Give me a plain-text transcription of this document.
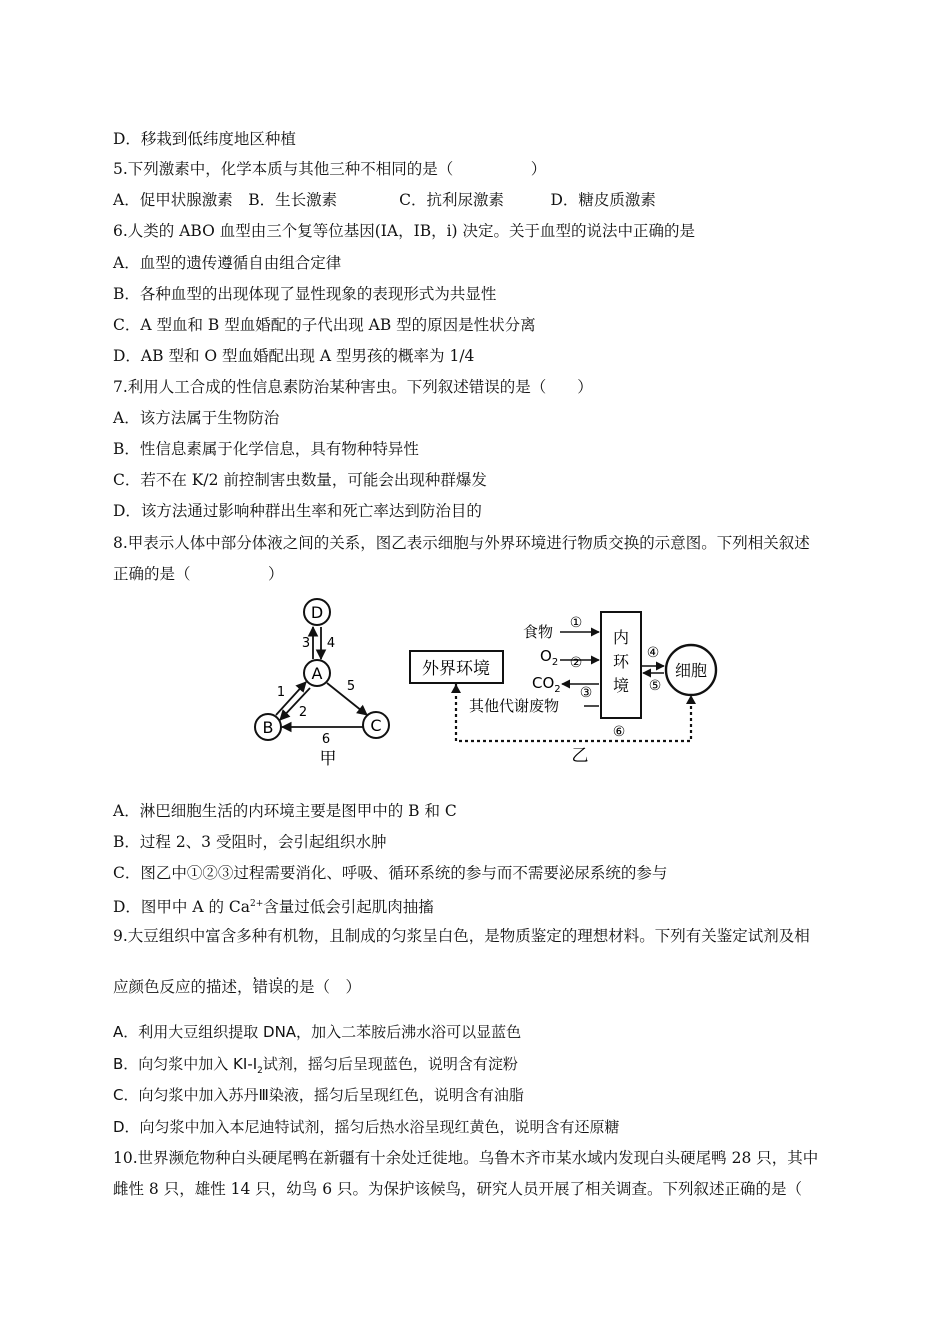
D．移栽到低纬度地区种植
5.下列激素中，化学本质与其他三种不相同的是（　　　　　）
A．促甲状腺激素　B．生长激素　　　　C．抗利尿激素　　　D．糖皮质激素
6.人类的 ABO 血型由三个复等位基因(IA，IB，i) 决定。关于血型的说法中正确的是
A．血型的遗传遵循自由组合定律
B．各种血型的出现体现了显性现象的表现形式为共显性
C．A 型血和 B 型血婚配的子代出现 AB 型的原因是性状分离
D．AB 型和 O 型血婚配出现 A 型男孩的概率为 1/4
7.利用人工合成的性信息素防治某种害虫。下列叙述错误的是（　　）
A．该方法属于生物防治
B．性信息素属于化学信息，具有物种特异性
C．若不在 K/2 前控制害虫数量，可能会出现种群爆发
D．该方法通过影响种群出生率和死亡率达到防治目的
8.甲表示人体中部分体液之间的关系，图乙表示细胞与外界环境进行物质交换的示意图。下列相关叙述
正确的是（　　　　　）
D
A
B	C
3 4
1
2
5
6
甲
外界环境
内
环
境
细胞
食物 ①
$O_2$ ②
$CO_2$ ③
其他代谢废物
④
⑤
⑥
乙
A．淋巴细胞生活的内环境主要是图甲中的 B 和 C
B．过程 2、3 受阻时，会引起组织水肿
C．图乙中①②③过程需要消化、呼吸、循环系统的参与而不需要泌尿系统的参与
D．图甲中 A 的 $Ca^{2+}$含量过低会引起肌肉抽搐
9.大豆组织中富含多种有机物，且制成的匀浆呈白色，是物质鉴定的理想材料。下列有关鉴定试剂及相
应颜色反应的描述，
. .
错误的是（　）
A．利用大豆组织提取 DNA，加入二苯胺后沸水浴可以显蓝色
B．向匀浆中加入 $KI-I_2$试剂，摇匀后呈现蓝色，说明含有淀粉
C．向匀浆中加入苏丹Ⅲ染液，摇匀后呈现红色，说明含有油脂
D．向匀浆中加入本尼迪特试剂，摇匀后热水浴呈现红黄色，说明含有还原糖
10.世界濒危物种白头硬尾鸭在新疆有十余处迁徙地。乌鲁木齐市某水域内发现白头硬尾鸭 28 只，其中
雌性 8 只，雄性 14 只，幼鸟 6 只。为保护该候鸟，研究人员开展了相关调查。下列叙述正确的是（
